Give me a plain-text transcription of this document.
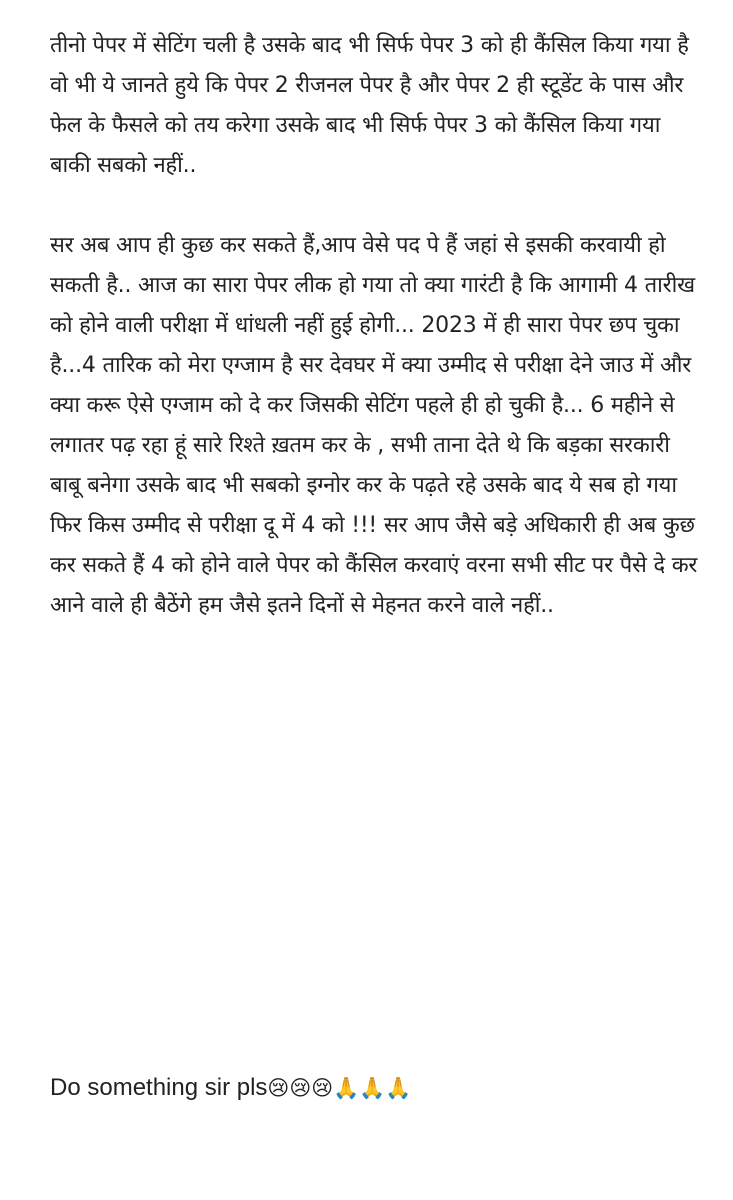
तीनो पेपर में सेटिंग चली है उसके बाद भी सिर्फ पेपर 3 को ही कैंसिल किया गया है वो भी ये जानते हुये कि पेपर 2 रीजनल पेपर है और पेपर 2 ही स्टूडेंट के पास और फेल के फैसले को तय करेगा उसके बाद भी सिर्फ पेपर 3 को कैंसिल किया गया बाकी सबको नहीं..

सर अब आप ही कुछ कर सकते हैं,आप वेसे पद पे हैं जहां से इसकी करवायी हो सकती है.. आज का सारा पेपर लीक हो गया तो क्या गारंटी है कि आगामी 4 तारीख को होने वाली परीक्षा में धांधली नहीं हुई होगी... 2023 में ही सारा पेपर छप चुका है...4 तारिक को मेरा एग्जाम है सर देवघर में क्या उम्मीद से परीक्षा देने जाउ में और क्या करू ऐसे एग्जाम को दे कर जिसकी सेटिंग पहले ही हो चुकी है... 6 महीने से लगातर पढ़ रहा हूं सारे रिश्ते ख़तम कर के , सभी ताना देते थे कि बड़का सरकारी बाबू बनेगा उसके बाद भी सबको इग्नोर कर के पढ़ते रहे उसके बाद ये सब हो गया फिर किस उम्मीद से परीक्षा दू में 4 को !!! सर आप जैसे बड़े अधिकारी ही अब कुछ कर सकते हैं 4 को होने वाले पेपर को कैंसिल करवाएं वरना सभी सीट पर पैसे दे कर आने वाले ही बैठेंगे हम जैसे इतने दिनों से मेहनत करने वाले नहीं..

Do something sir pls😢😢😢🙏🙏🙏
